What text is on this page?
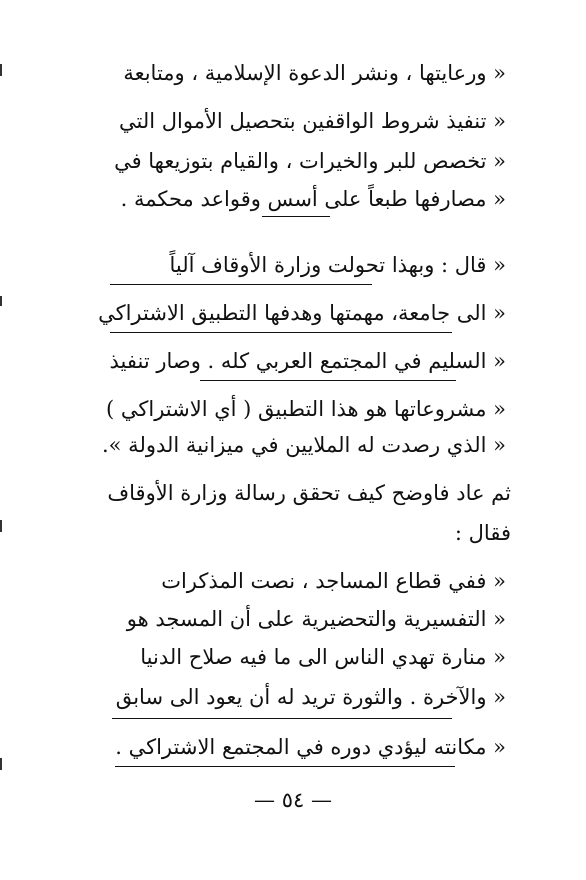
« ورعايتها ، ونشر الدعوة الإسلامية ، ومتابعة
« تنفيذ شروط الواقفين بتحصيل الأموال التي
« تخصص للبر والخيرات ، والقيام بتوزيعها في
« مصارفها طبعاً على أسس وقواعد محكمة .
« قال : وبهذا تحولت وزارة الأوقاف آلياً
« الى جامعة، مهمتها وهدفها التطبيق الاشتراكي
« السليم في المجتمع العربي كله . وصار تنفيذ
« مشروعاتها هو هذا التطبيق ( أي الاشتراكي )
« الذي رصدت له الملايين في ميزانية الدولة ».
ثم عاد فاوضح كيف تحقق رسالة وزارة الأوقاف
فقال :
« ففي قطاع المساجد ، نصت المذكرات
« التفسيرية والتحضيرية على أن المسجد هو
« منارة تهدي الناس الى ما فيه صلاح الدنيا
« والآخرة . والثورة تريد له أن يعود الى سابق
« مكانته ليؤدي دوره في المجتمع الاشتراكي .
— ٥٤ —
